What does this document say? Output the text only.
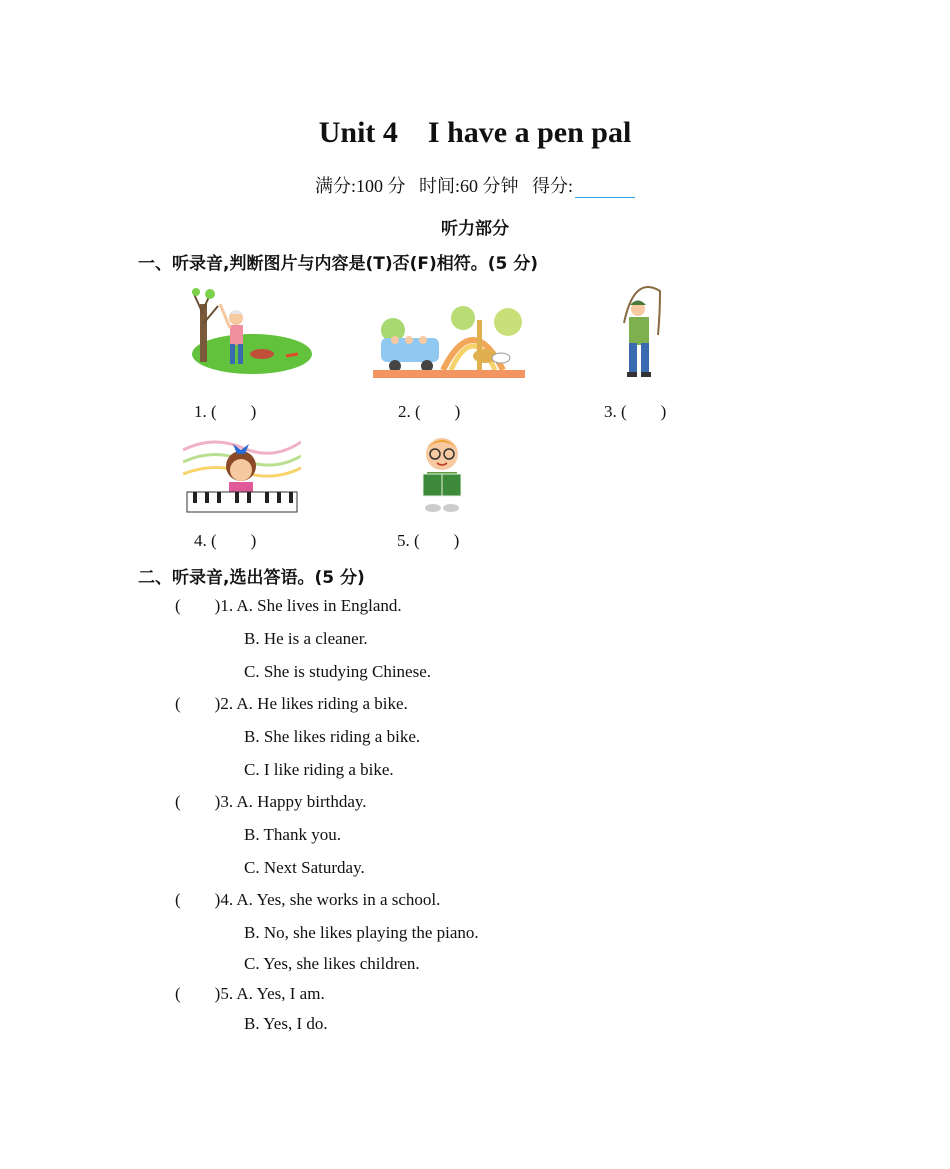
Unit 4    I have a pen pal
满分:100 分 时间:60 分钟 得分:
听力部分
一、听录音,判断图片与内容是(T)否(F)相符。(5 分)
1. (        )	2. (        )	3. (        )
4. (        )	5. (        )
二、听录音,选出答语。(5 分)
(        )1. A. She lives in England.
B. He is a cleaner.
C. She is studying Chinese.
(        )2. A. He likes riding a bike.
B. She likes riding a bike.
C. I like riding a bike.
(        )3. A. Happy birthday.
B. Thank you.
C. Next Saturday.
(        )4. A. Yes, she works in a school.
B. No, she likes playing the piano.
C. Yes, she likes children.
(        )5. A. Yes, I am.
B. Yes, I do.
